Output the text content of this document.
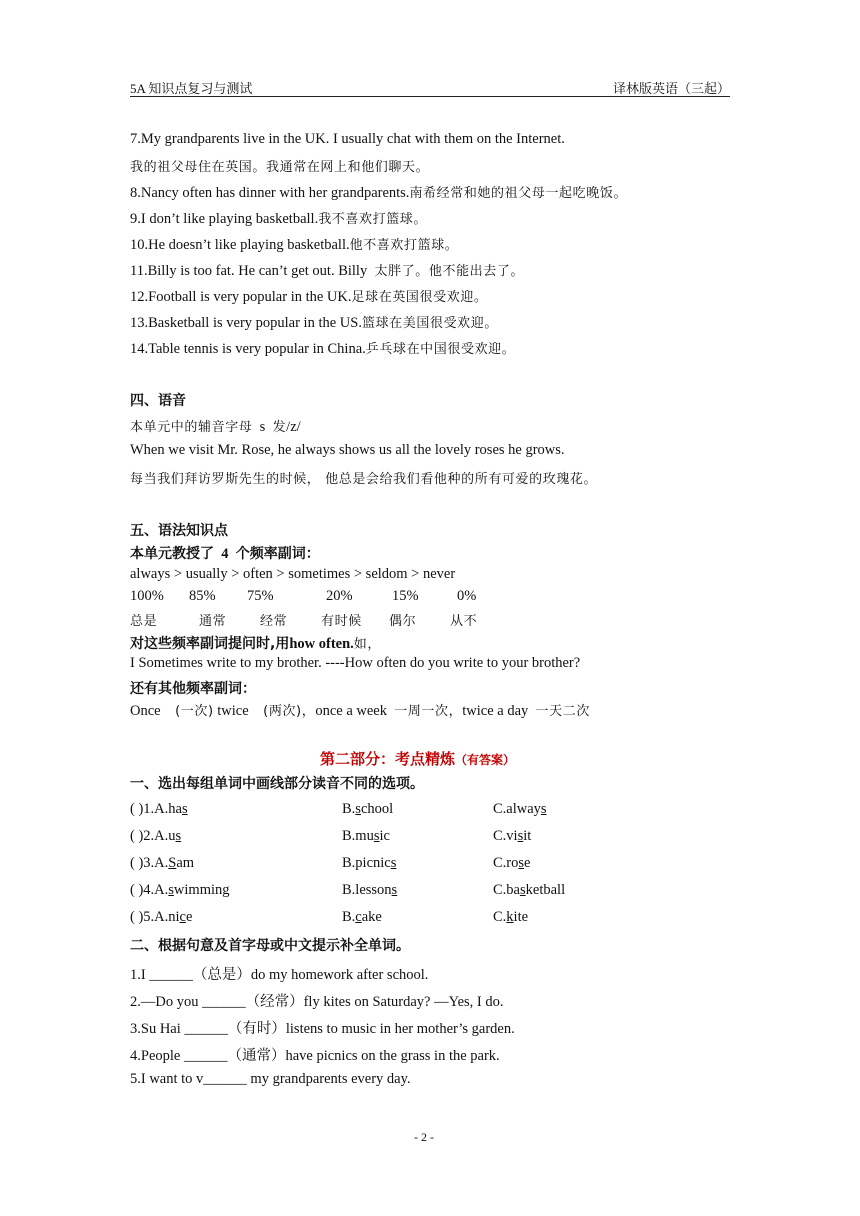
5A 知识点复习与测试	译林版英语（三起）
7.My grandparents live in the UK. I usually chat with them on the Internet.
我的祖父母住在英国。我通常在网上和他们聊天。
8.Nancy often has dinner with her grandparents.南希经常和她的祖父母一起吃晚饭。
9.I don’t like playing basketball.我不喜欢打篮球。
10.He doesn’t like playing basketball.他不喜欢打篮球。
11.Billy is too fat. He can’t get out. Billy  太胖了。他不能出去了。
12.Football is very popular in the UK.足球在英国很受欢迎。
13.Basketball is very popular in the US.篮球在美国很受欢迎。
14.Table tennis is very popular in China.乒乓球在中国很受欢迎。
四、语音
本单元中的辅音字母 s 发/z/
When we visit Mr. Rose, he always shows us all the lovely roses he grows.
每当我们拜访罗斯先生的时候， 他总是会给我们看他种的所有可爱的玫瑰花。
五、语法知识点
本单元教授了 4 个频率副词：
always > usually > often > sometimes > seldom > never
100% 85% 75%	20%	15%	0%
总是	通常	经常	有时候 偶尔	从不
对这些频率副词提问时,用how often.如，
I Sometimes write to my brother. ----How often do you write to your brother?
还有其他频率副词：
Once (一次) twice (两次)，once a week 一周一次，twice a day 一天二次
第二部分：考点精炼（有答案）
一、选出每组单词中画线部分读音不同的选项。
( )1.A.has	B.school	C.always
( )2.A.us	B.music	C.visit
( )3.A.Sam	B.picnics	C.rose
( )4.A.swimming	B.lessons	C.basketball
( )5.A.nice	B.cake	C.kite
二、根据句意及首字母或中文提示补全单词。
1.I ______（总是）do my homework after school.
2.—Do you ______（经常）fly kites on Saturday? —Yes, I do.
3.Su Hai ______（有时）listens to music in her mother’s garden.
4.People ______（通常）have picnics on the grass in the park.
5.I want to v______ my grandparents every day.
- 2 -
